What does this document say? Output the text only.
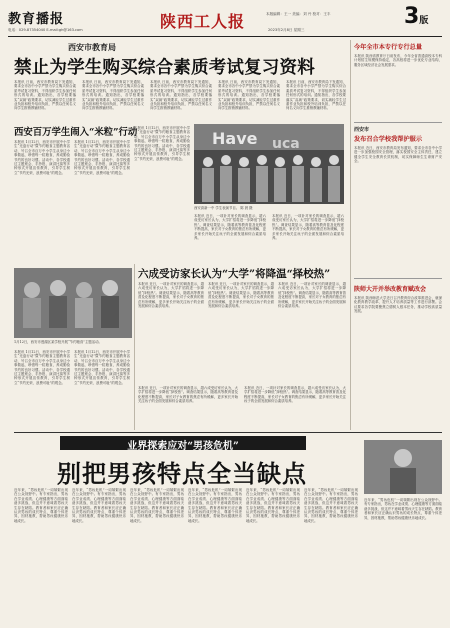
教育播报
电话：029-87354040 E-mail:gh@163.com	陕西工人报	2023年2月8日 星期三
本版编辑：王一 美编：刘 丹 校对：王丰	3版
西安市教育局
禁止为学生购买综合素质考试复习资料
本报讯 日前，西安市教育局下发通知，要求全市各中小学严禁为学生购买综合素质考试复习资料，不得组织学生参加任何形式的培训。通知指出，各学校要落实“双减”政策要求，切实减轻学生过重作业负担和校外培训负担，严禁以任何名义向学生推销教辅材料。
本报讯 日前，西安市教育局下发通知，要求全市各中小学严禁为学生购买综合素质考试复习资料，不得组织学生参加任何形式的培训。通知指出，各学校要落实“双减”政策要求，切实减轻学生过重作业负担和校外培训负担，严禁以任何名义向学生推销教辅材料。
本报讯 日前，西安市教育局下发通知，要求全市各中小学严禁为学生购买综合素质考试复习资料，不得组织学生参加任何形式的培训。通知指出，各学校要落实“双减”政策要求，切实减轻学生过重作业负担和校外培训负担，严禁以任何名义向学生推销教辅材料。
本报讯 日前，西安市教育局下发通知，要求全市各中小学严禁为学生购买综合素质考试复习资料，不得组织学生参加任何形式的培训。通知指出，各学校要落实“双减”政策要求，切实减轻学生过重作业负担和校外培训负担，严禁以任何名义向学生推销教辅材料。
本报讯 日前，西安市教育局下发通知，要求全市各中小学严禁为学生购买综合素质考试复习资料，不得组织学生参加任何形式的培训。通知指出，各学校要落实“双减”政策要求，切实减轻学生过重作业负担和校外培训负担，严禁以任何名义向学生推销教辅材料。
西安百万学生闹入“米粒”行动
本报讯 1月12日，西安市开展中小学生“光盘行动”暨节约粮食主题教育活动，号召全市百万中小学生从身边小事做起，珍惜每一粒粮食，养成勤俭节约的良好习惯。活动中，各学校通过主题班会、手抄报、演讲比赛等多种形式开展宣传教育，引导学生树立“节约光荣、浪费可耻”的观念。
本报讯 1月12日，西安市开展中小学生“光盘行动”暨节约粮食主题教育活动，号召全市百万中小学生从身边小事做起，珍惜每一粒粮食，养成勤俭节约的良好习惯。活动中，各学校通过主题班会、手抄报、演讲比赛等多种形式开展宣传教育，引导学生树立“节约光荣、浪费可耻”的观念。
本报讯 1月12日，西安市开展中小学生“光盘行动”暨节约粮食主题教育活动，号召全市百万中小学生从身边小事做起，珍惜每一粒粮食，养成勤俭节约的良好习惯。活动中，各学校通过主题班会、手抄报、演讲比赛等多种形式开展宣传教育，引导学生树立“节约光荣、浪费可耻”的观念。
1月12日，西安市莲湖区某学校开展“节约粮食”主题活动。
Have uca
西安高新一中 学生表演节目。 陈 晨 摄
本报讯 近日，一项针对家长的调查显示，超六成受访家长认为，大学扩招将进一步降低“择校热”。调查结果显示，随着高等教育普及化程度不断提高，家长对子女教育的焦虑有所缓解，更多家长开始关注孩子的全面发展和综合素质培养。
本报讯 近日，一项针对家长的调查显示，超六成受访家长认为，大学扩招将进一步降低“择校热”。调查结果显示，随着高等教育普及化程度不断提高，家长对子女教育的焦虑有所缓解，更多家长开始关注孩子的全面发展和综合素质培养。
六成受访家长认为“大学”将降温“择校热”
本报讯 近日，一项针对家长的调查显示，超六成受访家长认为，大学扩招将进一步降低“择校热”。调查结果显示，随着高等教育普及化程度不断提高，家长对子女教育的焦虑有所缓解，更多家长开始关注孩子的全面发展和综合素质培养。
本报讯 近日，一项针对家长的调查显示，超六成受访家长认为，大学扩招将进一步降低“择校热”。调查结果显示，随着高等教育普及化程度不断提高，家长对子女教育的焦虑有所缓解，更多家长开始关注孩子的全面发展和综合素质培养。
本报讯 近日，一项针对家长的调查显示，超六成受访家长认为，大学扩招将进一步降低“择校热”。调查结果显示，随着高等教育普及化程度不断提高，家长对子女教育的焦虑有所缓解，更多家长开始关注孩子的全面发展和综合素质培养。
本报讯 1月12日，西安市开展中小学生“光盘行动”暨节约粮食主题教育活动，号召全市百万中小学生从身边小事做起，珍惜每一粒粮食，养成勤俭节约的良好习惯。活动中，各学校通过主题班会、手抄报、演讲比赛等多种形式开展宣传教育，引导学生树立“节约光荣、浪费可耻”的观念。
本报讯 1月12日，西安市开展中小学生“光盘行动”暨节约粮食主题教育活动，号召全市百万中小学生从身边小事做起，珍惜每一粒粮食，养成勤俭节约的良好习惯。活动中，各学校通过主题班会、手抄报、演讲比赛等多种形式开展宣传教育，引导学生树立“节约光荣、浪费可耻”的观念。
本报讯 近日，一项针对家长的调查显示，超六成受访家长认为，大学扩招将进一步降低“择校热”。调查结果显示，随着高等教育普及化程度不断提高，家长对子女教育的焦虑有所缓解，更多家长开始关注孩子的全面发展和综合素质培养。
本报讯 近日，一项针对家长的调查显示，超六成受访家长认为，大学扩招将进一步降低“择校热”。调查结果显示，随着高等教育普及化程度不断提高，家长对子女教育的焦虑有所缓解，更多家长开始关注孩子的全面发展和综合素质培养。
今年全市本专行专行总量
本报讯 陕西省教育厅日前发布，今年全省普通高校本专科计划招生规模保持稳定，各高校将进一步优化专业结构，服务区域经济社会发展需求。
西安市
发布召合学校我帮护服示
本报讯 近日，西安市教育局发布通知，要求全市各中小学进一步加强校园安全管理，落实校园安全主体责任，建立健全学生安全教育长效机制，切实保障师生生命财产安全。
陕师大开并举改教育赋改会
本报讯 陕西师范大学近日召开教育综合改革推进会，就深化教育教学改革、提升人才培养质量等工作进行部署。会议要求各学院要聚焦立德树人根本任务，推动学校高质量发展。
业界探索应对“男孩危机”
别把男孩特点全当缺点
近年来，“男孩危机”一词频繁出现在公众视野中。有专家指出，男孩在学业成绩、心理健康等方面面临诸多挑战，但这并不意味着男孩天生存在缺陷。教育者和家长应正确认识男孩的成长特点，尊重个体差异，因材施教，帮助男孩健康快乐地成长。
近年来，“男孩危机”一词频繁出现在公众视野中。有专家指出，男孩在学业成绩、心理健康等方面面临诸多挑战，但这并不意味着男孩天生存在缺陷。教育者和家长应正确认识男孩的成长特点，尊重个体差异，因材施教，帮助男孩健康快乐地成长。
近年来，“男孩危机”一词频繁出现在公众视野中。有专家指出，男孩在学业成绩、心理健康等方面面临诸多挑战，但这并不意味着男孩天生存在缺陷。教育者和家长应正确认识男孩的成长特点，尊重个体差异，因材施教，帮助男孩健康快乐地成长。
近年来，“男孩危机”一词频繁出现在公众视野中。有专家指出，男孩在学业成绩、心理健康等方面面临诸多挑战，但这并不意味着男孩天生存在缺陷。教育者和家长应正确认识男孩的成长特点，尊重个体差异，因材施教，帮助男孩健康快乐地成长。
近年来，“男孩危机”一词频繁出现在公众视野中。有专家指出，男孩在学业成绩、心理健康等方面面临诸多挑战，但这并不意味着男孩天生存在缺陷。教育者和家长应正确认识男孩的成长特点，尊重个体差异，因材施教，帮助男孩健康快乐地成长。
近年来，“男孩危机”一词频繁出现在公众视野中。有专家指出，男孩在学业成绩、心理健康等方面面临诸多挑战，但这并不意味着男孩天生存在缺陷。教育者和家长应正确认识男孩的成长特点，尊重个体差异，因材施教，帮助男孩健康快乐地成长。
近年来，“男孩危机”一词频繁出现在公众视野中。有专家指出，男孩在学业成绩、心理健康等方面面临诸多挑战，但这并不意味着男孩天生存在缺陷。教育者和家长应正确认识男孩的成长特点，尊重个体差异，因材施教，帮助男孩健康快乐地成长。
